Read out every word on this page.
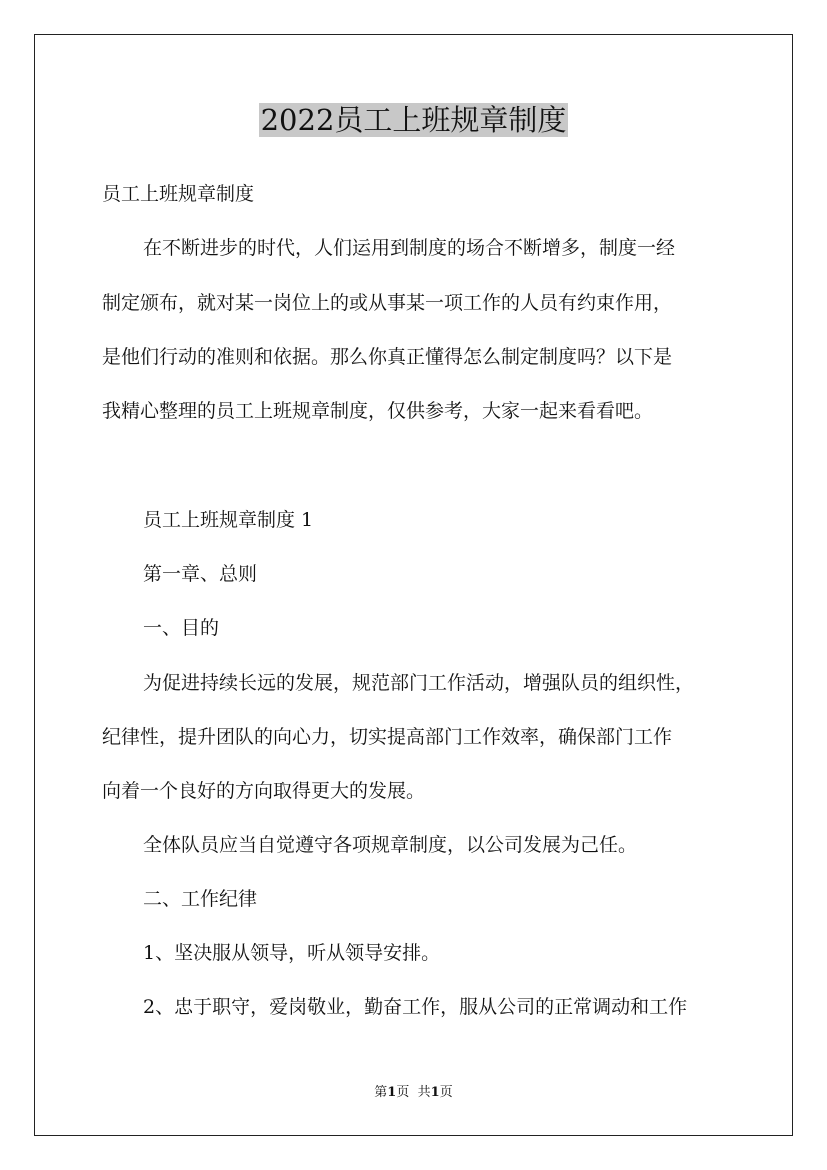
2022员工上班规章制度

员工上班规章制度

在不断进步的时代，人们运用到制度的场合不断增多，制度一经

制定颁布，就对某一岗位上的或从事某一项工作的人员有约束作用，

是他们行动的准则和依据。那么你真正懂得怎么制定制度吗？以下是

我精心整理的员工上班规章制度，仅供参考，大家一起来看看吧。

员工上班规章制度 1

第一章、总则

一、目的

为促进持续长远的发展，规范部门工作活动，增强队员的组织性，

纪律性，提升团队的向心力，切实提高部门工作效率，确保部门工作

向着一个良好的方向取得更大的发展。

全体队员应当自觉遵守各项规章制度，以公司发展为己任。

二、工作纪律

1、坚决服从领导，听从领导安排。

2、忠于职守，爱岗敬业，勤奋工作，服从公司的正常调动和工作

第1页 共1页
